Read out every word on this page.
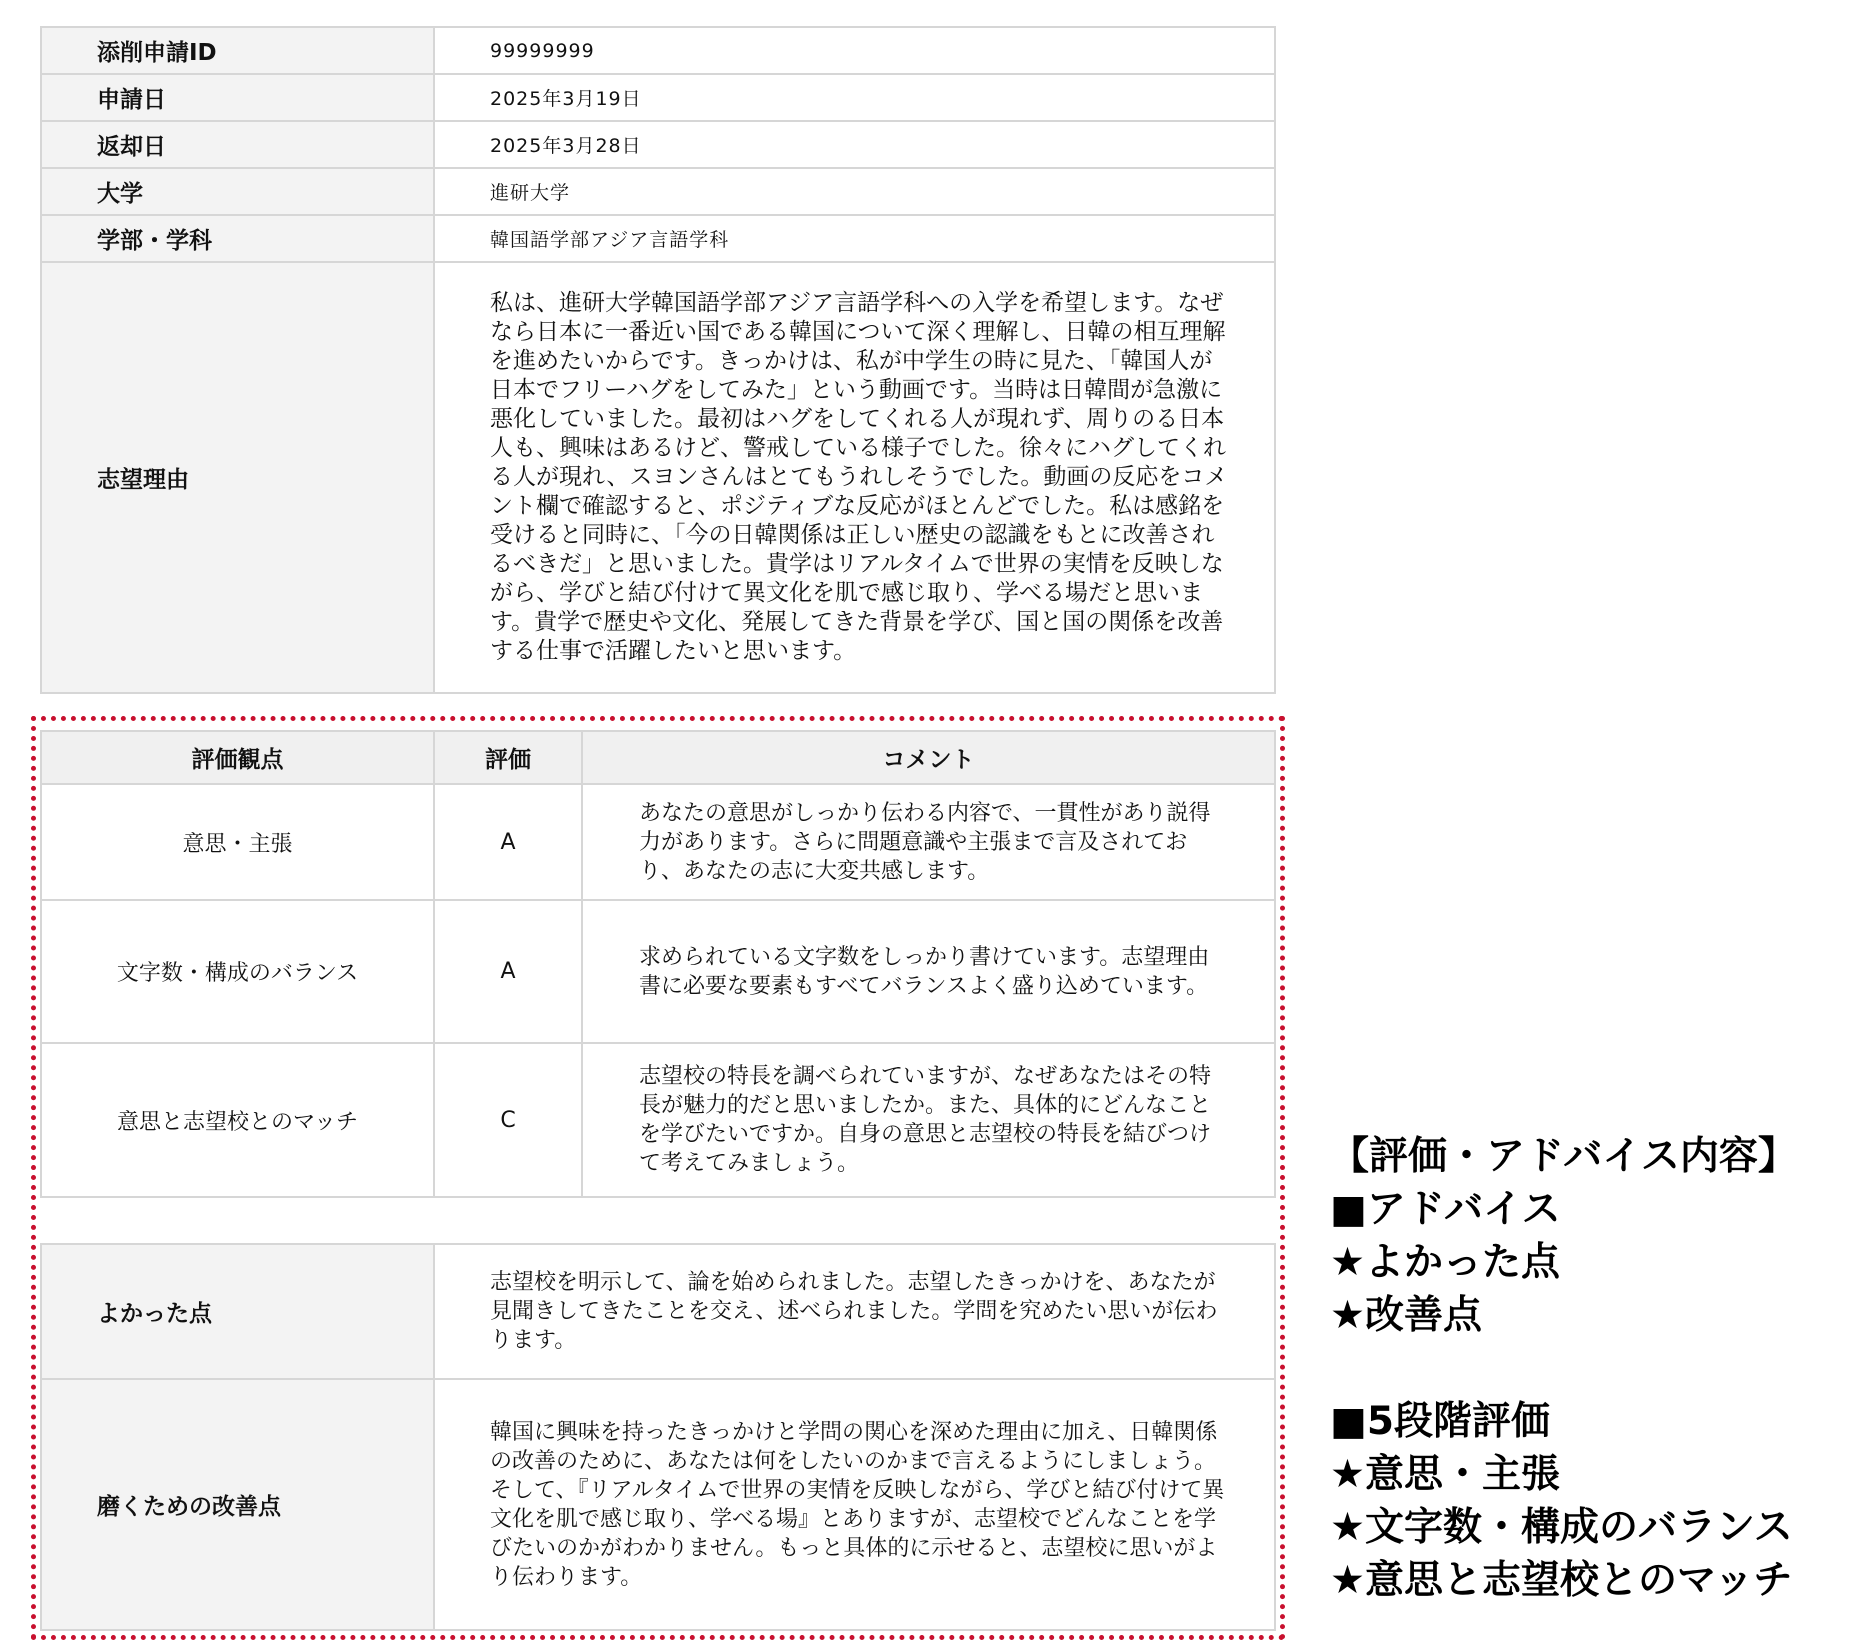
添削申請ID	99999999
申請日	2025年3月19日
返却日	2025年3月28日
大学	進研大学
学部・学科	韓国語学部アジア言語学科
志望理由	私は、進研大学韓国語学部アジア言語学科への入学を希望します。なぜなら日本に一番近い国である韓国について深く理解し、日韓の相互理解を進めたいからです。きっかけは、私が中学生の時に見た、「韓国人が日本でフリーハグをしてみた」という動画です。当時は日韓間が急激に悪化していました。最初はハグをしてくれる人が現れず、周りのる日本人も、興味はあるけど、警戒している様子でした。徐々にハグしてくれる人が現れ、スヨンさんはとてもうれしそうでした。動画の反応をコメント欄で確認すると、ポジティブな反応がほとんどでした。私は感銘を受けると同時に、「今の日韓関係は正しい歴史の認識をもとに改善されるべきだ」と思いました。貴学はリアルタイムで世界の実情を反映しながら、学びと結び付けて異文化を肌で感じ取り、学べる場だと思います。貴学で歴史や文化、発展してきた背景を学び、国と国の関係を改善する仕事で活躍したいと思います。
評価観点	評価	コメント
意思・主張	A	あなたの意思がしっかり伝わる内容で、一貫性があり説得力があります。さらに問題意識や主張まで言及されており、あなたの志に大変共感します。
文字数・構成のバランス	A	求められている文字数をしっかり書けています。志望理由書に必要な要素もすべてバランスよく盛り込めています。
意思と志望校とのマッチ	C	志望校の特長を調べられていますが、なぜあなたはその特長が魅力的だと思いましたか。また、具体的にどんなことを学びたいですか。自身の意思と志望校の特長を結びつけて考えてみましょう。
よかった点	志望校を明示して、論を始められました。志望したきっかけを、あなたが見聞きしてきたことを交え、述べられました。学問を究めたい思いが伝わります。
磨くための改善点	韓国に興味を持ったきっかけと学問の関心を深めた理由に加え、日韓関係の改善のために、あなたは何をしたいのかまで言えるようにしましょう。そして、『リアルタイムで世界の実情を反映しながら、学びと結び付けて異文化を肌で感じ取り、学べる場』とありますが、志望校でどんなことを学びたいのかがわかりません。もっと具体的に示せると、志望校に思いがより伝わります。
【評価・アドバイス内容】
■アドバイス
★よかった点
★改善点
■5段階評価
★意思・主張
★文字数・構成のバランス
★意思と志望校とのマッチ
